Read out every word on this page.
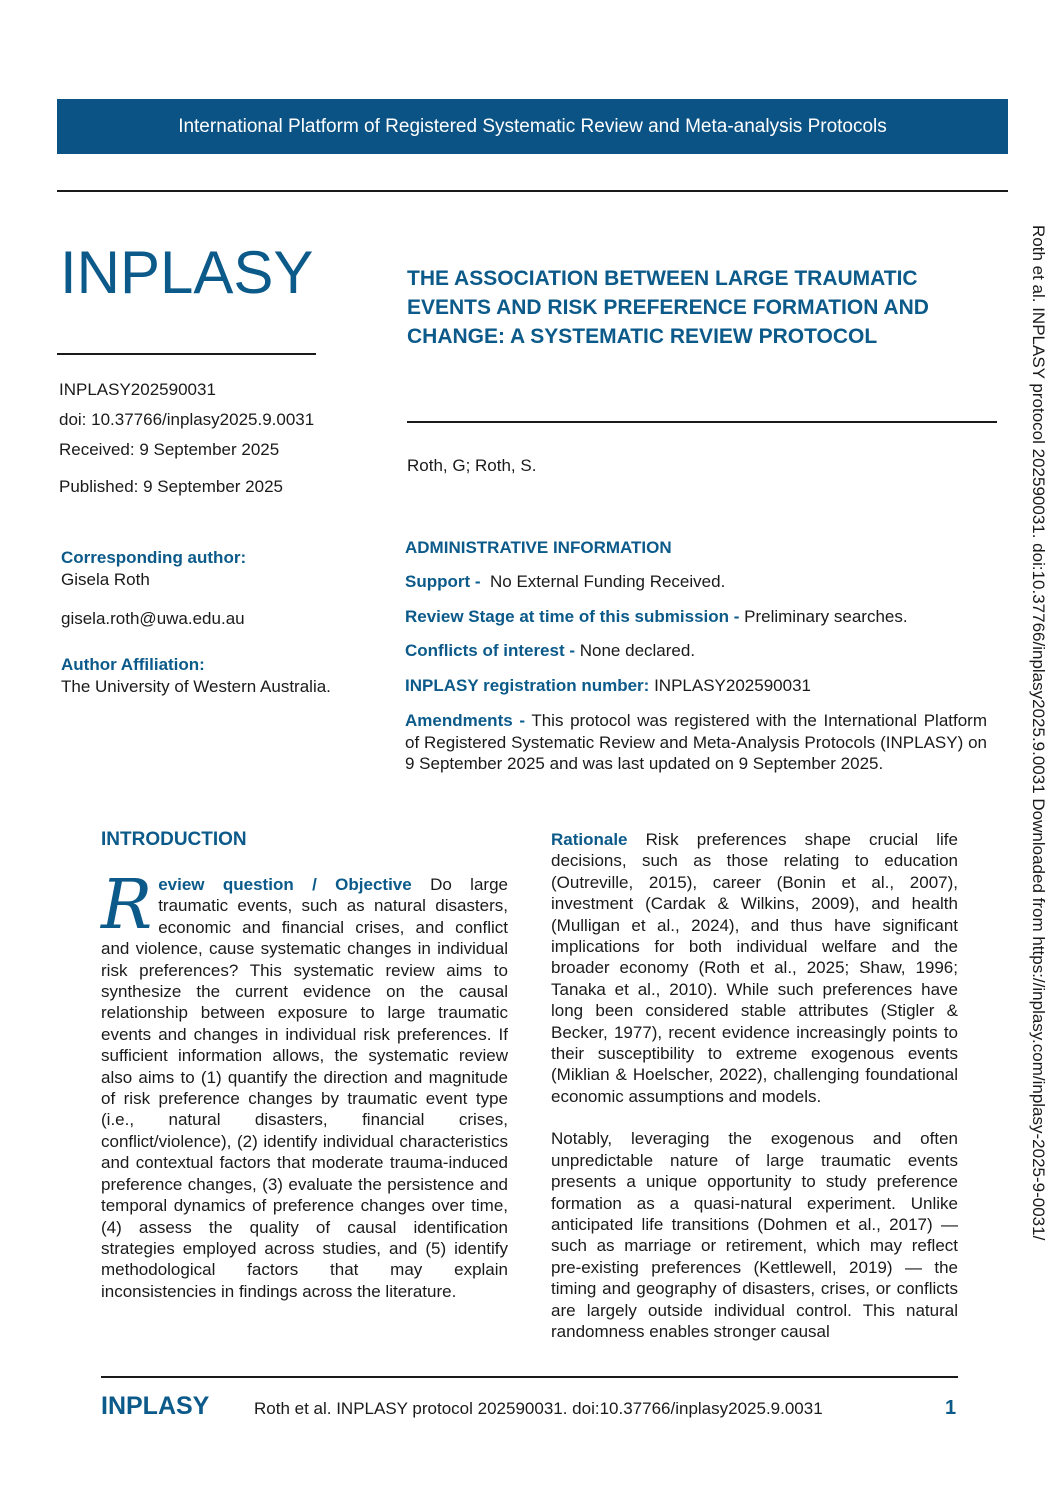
International Platform of Registered Systematic Review and Meta-analysis Protocols
INPLASY	THE ASSOCIATION BETWEEN LARGE TRAUMATIC EVENTS AND RISK PREFERENCE FORMATION AND CHANGE: A SYSTEMATIC REVIEW PROTOCOL
INPLASY202590031
doi: 10.37766/inplasy2025.9.0031
Received: 9 September 2025
Published: 9 September 2025
Roth, G; Roth, S.
Corresponding author:
Gisela Roth
gisela.roth@uwa.edu.au
Author Affiliation:
The University of Western Australia.
ADMINISTRATIVE INFORMATION
Support - No External Funding Received.
Review Stage at time of this submission - Preliminary searches.
Conflicts of interest - None declared.
INPLASY registration number: INPLASY202590031
Amendments - This protocol was registered with the International Platform of Registered Systematic Review and Meta-Analysis Protocols (INPLASY) on 9 September 2025 and was last updated on 9 September 2025.
INTRODUCTION
Review question / Objective Do large traumatic events, such as natural disasters, economic and financial crises, and conflict and violence, cause systematic changes in individual risk preferences? This systematic review aims to synthesize the current evidence on the causal relationship between exposure to large traumatic events and changes in individual risk preferences. If sufficient information allows, the systematic review also aims to (1) quantify the direction and magnitude of risk preference changes by traumatic event type (i.e., natural disasters, financial crises, conflict/violence), (2) identify individual characteristics and contextual factors that moderate trauma-induced preference changes, (3) evaluate the persistence and temporal dynamics of preference changes over time, (4) assess the quality of causal identification strategies employed across studies, and (5) identify methodological factors that may explain inconsistencies in findings across the literature.
Rationale Risk preferences shape crucial life decisions, such as those relating to education (Outreville, 2015), career (Bonin et al., 2007), investment (Cardak & Wilkins, 2009), and health (Mulligan et al., 2024), and thus have significant implications for both individual welfare and the broader economy (Roth et al., 2025; Shaw, 1996; Tanaka et al., 2010). While such preferences have long been considered stable attributes (Stigler & Becker, 1977), recent evidence increasingly points to their susceptibility to extreme exogenous events (Miklian & Hoelscher, 2022), challenging foundational economic assumptions and models.
Notably, leveraging the exogenous and often unpredictable nature of large traumatic events presents a unique opportunity to study preference formation as a quasi-natural experiment. Unlike anticipated life transitions (Dohmen et al., 2017) — such as marriage or retirement, which may reflect pre-existing preferences (Kettlewell, 2019) — the timing and geography of disasters, crises, or conflicts are largely outside individual control. This natural randomness enables stronger causal
Roth et al. INPLASY protocol 202590031. doi:10.37766/inplasy2025.9.0031 Downloaded from https://inplasy.com/inplasy-2025-9-0031/
INPLASY	Roth et al. INPLASY protocol 202590031. doi:10.37766/inplasy2025.9.0031	1
